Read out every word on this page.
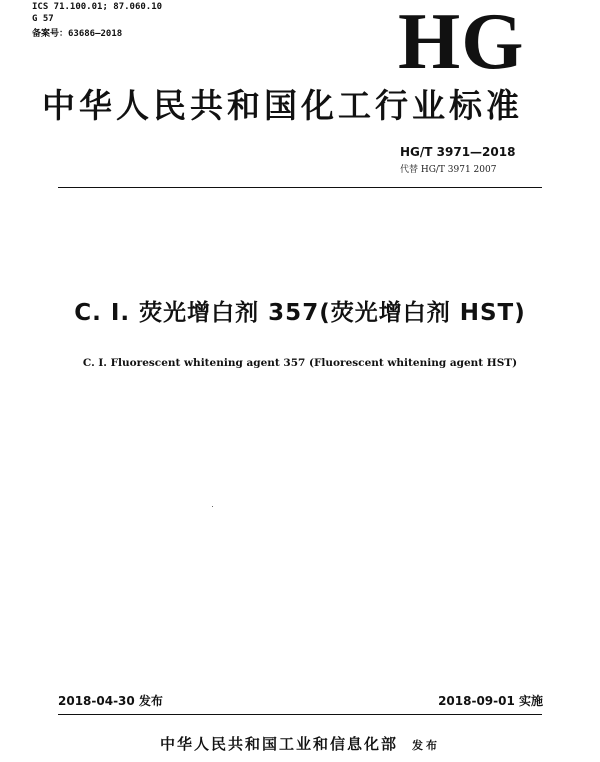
ICS 71.100.01; 87.060.10
G 57
备案号：63686—2018	HG
中华人民共和国化工行业标准
HG/T 3971—2018
代替 HG/T 3971 2007
C. I. 荧光增白剂 357(荧光增白剂 HST)
C. I. Fluorescent whitening agent 357 (Fluorescent whitening agent HST)
2018-04-30 发布	2018-09-01 实施
中华人民共和国工业和信息化部 发布
